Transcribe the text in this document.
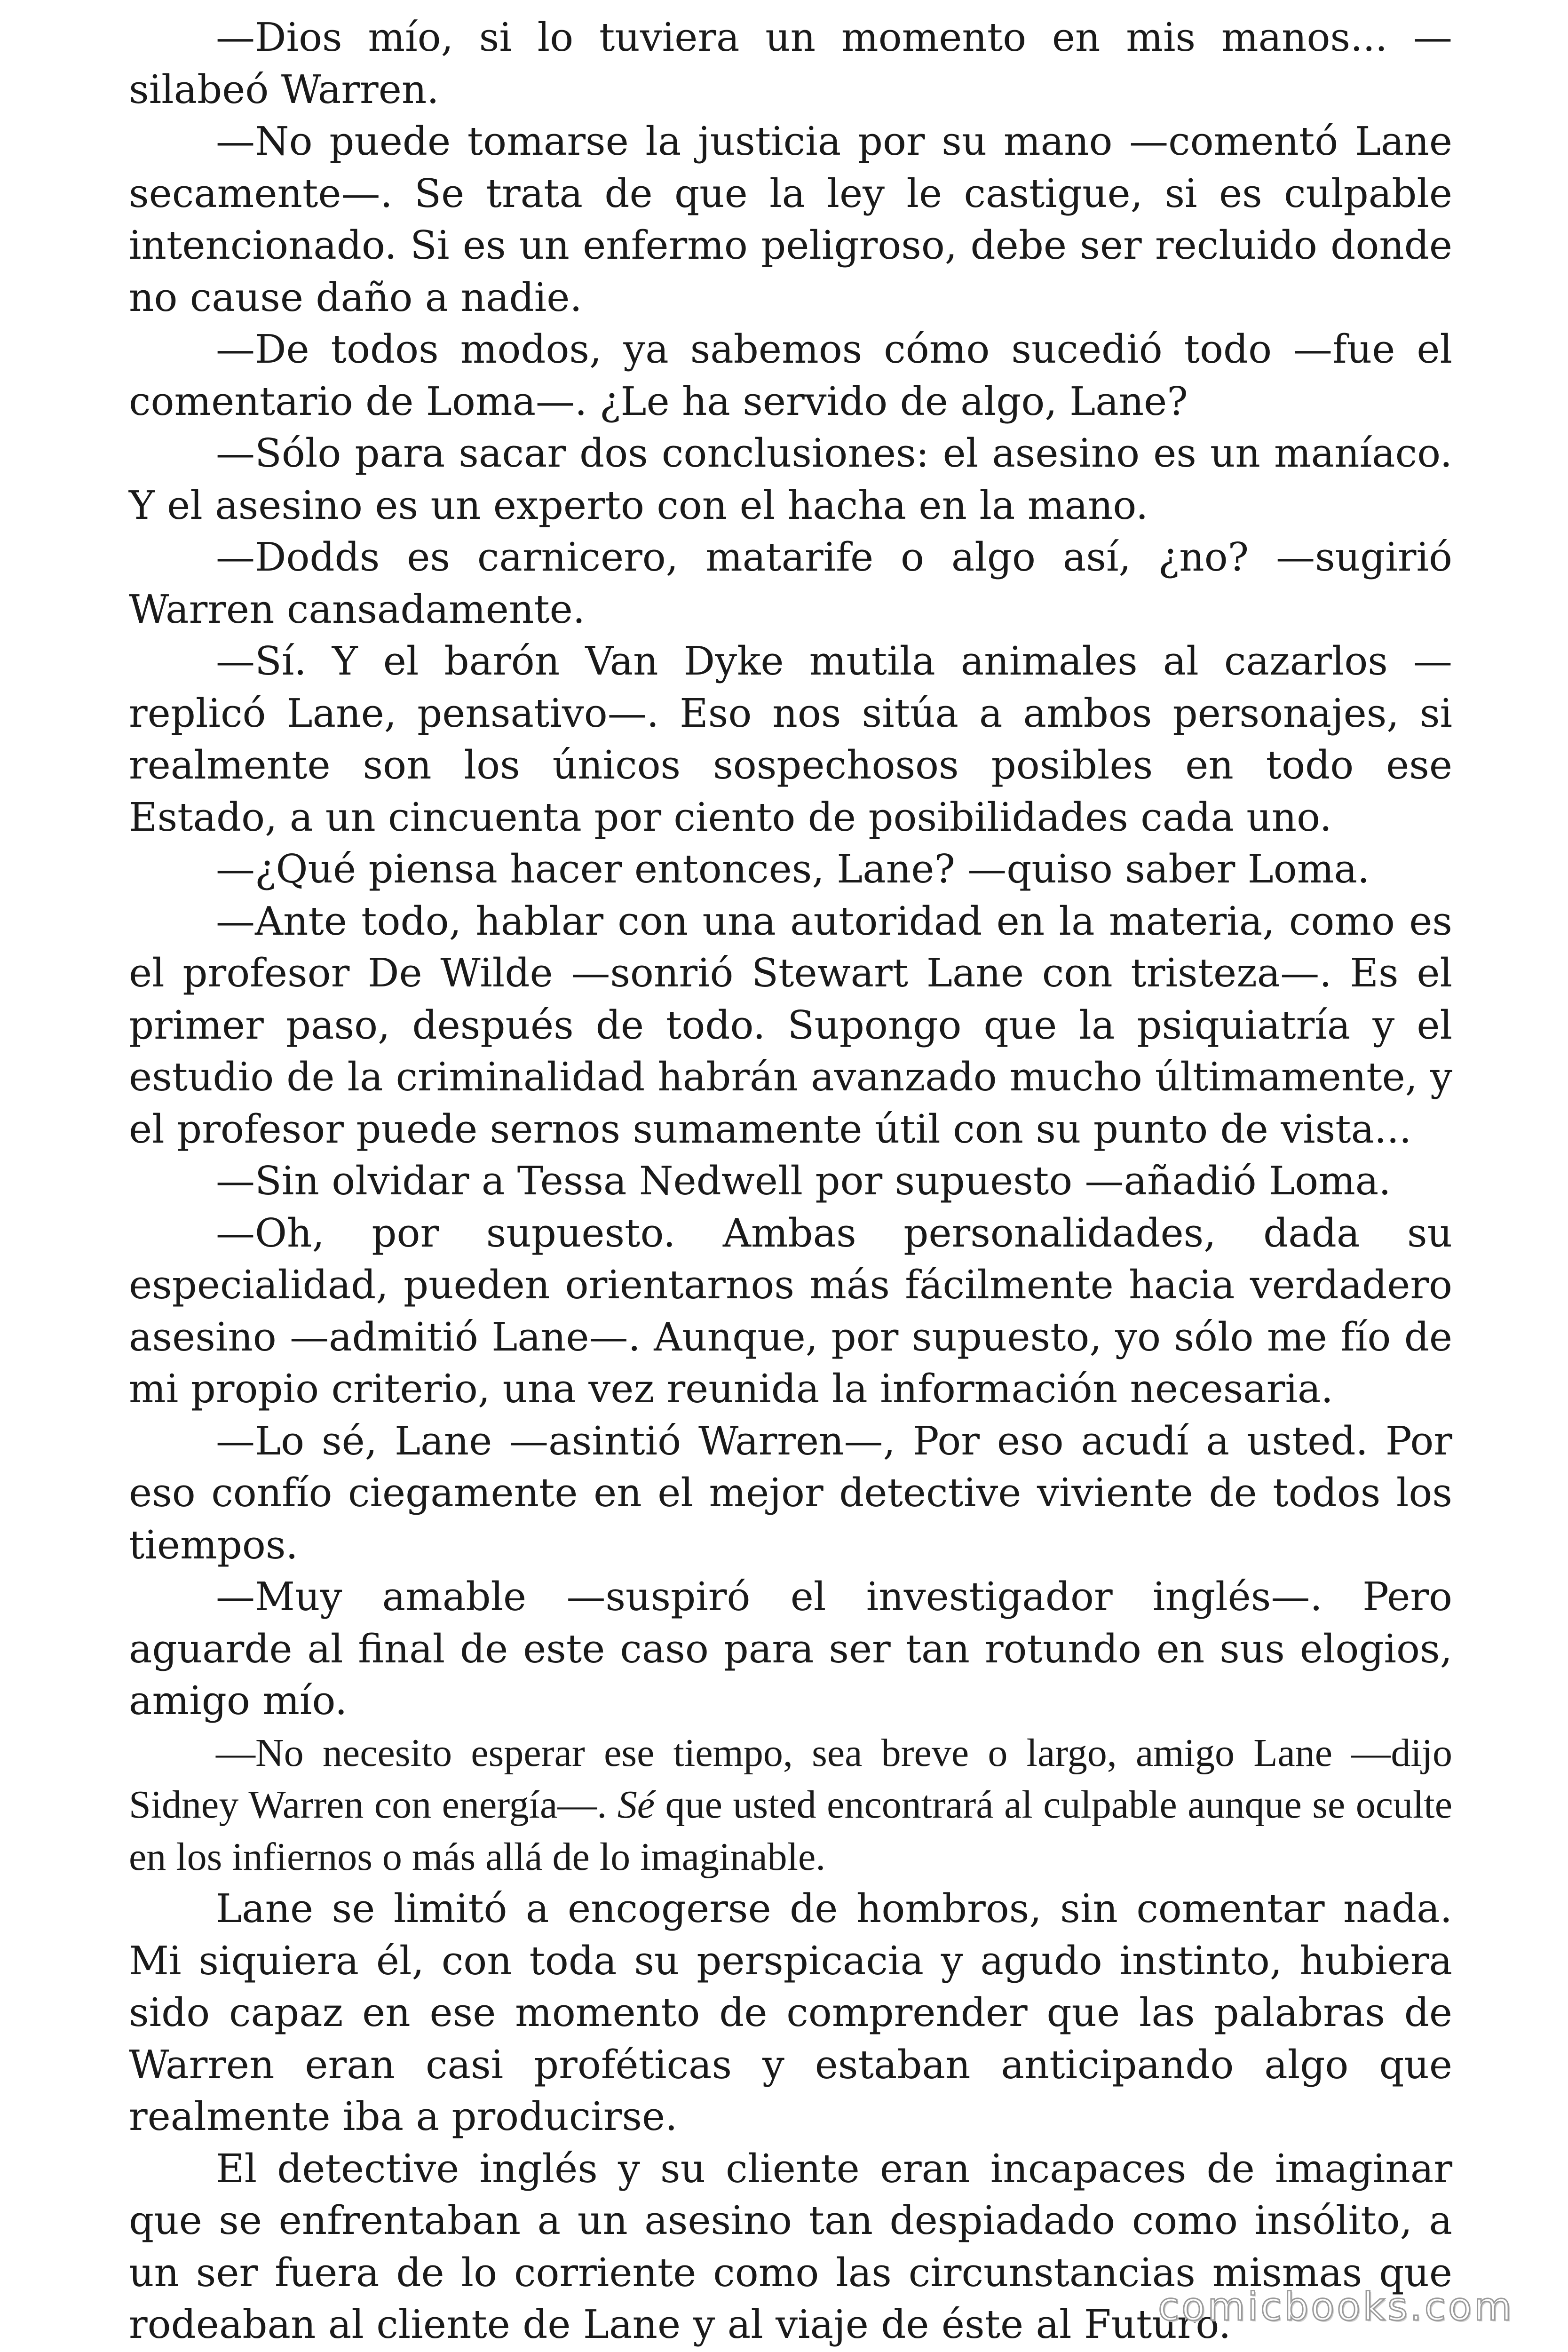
—Dios mío, si lo tuviera un momento en mis manos... —silabeó Warren.

—No puede tomarse la justicia por su mano —comentó Lane secamente—. Se trata de que la ley le castigue, si es culpable intencionado. Si es un enfermo peligroso, debe ser recluido donde no cause daño a nadie.

—De todos modos, ya sabemos cómo sucedió todo —fue el comentario de Loma—. ¿Le ha servido de algo, Lane?

—Sólo para sacar dos conclusiones: el asesino es un maníaco. Y el asesino es un experto con el hacha en la mano.

—Dodds es carnicero, matarife o algo así, ¿no? —sugirió Warren cansadamente.

—Sí. Y el barón Van Dyke mutila animales al cazarlos —replicó Lane, pensativo—. Eso nos sitúa a ambos personajes, si realmente son los únicos sospechosos posibles en todo ese Estado, a un cincuenta por ciento de posibilidades cada uno.

—¿Qué piensa hacer entonces, Lane? —quiso saber Loma.

—Ante todo, hablar con una autoridad en la materia, como es el profesor De Wilde —sonrió Stewart Lane con tristeza—. Es el primer paso, después de todo. Supongo que la psiquiatría y el estudio de la criminalidad habrán avanzado mucho últimamente, y el profesor puede sernos sumamente útil con su punto de vista...

—Sin olvidar a Tessa Nedwell por supuesto —añadió Loma.

—Oh, por supuesto. Ambas personalidades, dada su especialidad, pueden orientarnos más fácilmente hacia verdadero asesino —admitió Lane—. Aunque, por supuesto, yo sólo me fío de mi propio criterio, una vez reunida la información necesaria.

—Lo sé, Lane —asintió Warren—, Por eso acudí a usted. Por eso confío ciegamente en el mejor detective viviente de todos los tiempos.

—Muy amable —suspiró el investigador inglés—. Pero aguarde al final de este caso para ser tan rotundo en sus elogios, amigo mío.

—No necesito esperar ese tiempo, sea breve o largo, amigo Lane —dijo Sidney Warren con energía—. Sé que usted encontrará al culpable aunque se oculte en los infiernos o más allá de lo imaginable.

Lane se limitó a encogerse de hombros, sin comentar nada. Mi siquiera él, con toda su perspicacia y agudo instinto, hubiera sido capaz en ese momento de comprender que las palabras de Warren eran casi proféticas y estaban anticipando algo que realmente iba a producirse.

El detective inglés y su cliente eran incapaces de imaginar que se enfrentaban a un asesino tan despiadado como insólito, a un ser fuera de lo corriente como las circunstancias mismas que rodeaban al cliente de Lane y al viaje de éste al Futuro.

comicbooks.com
